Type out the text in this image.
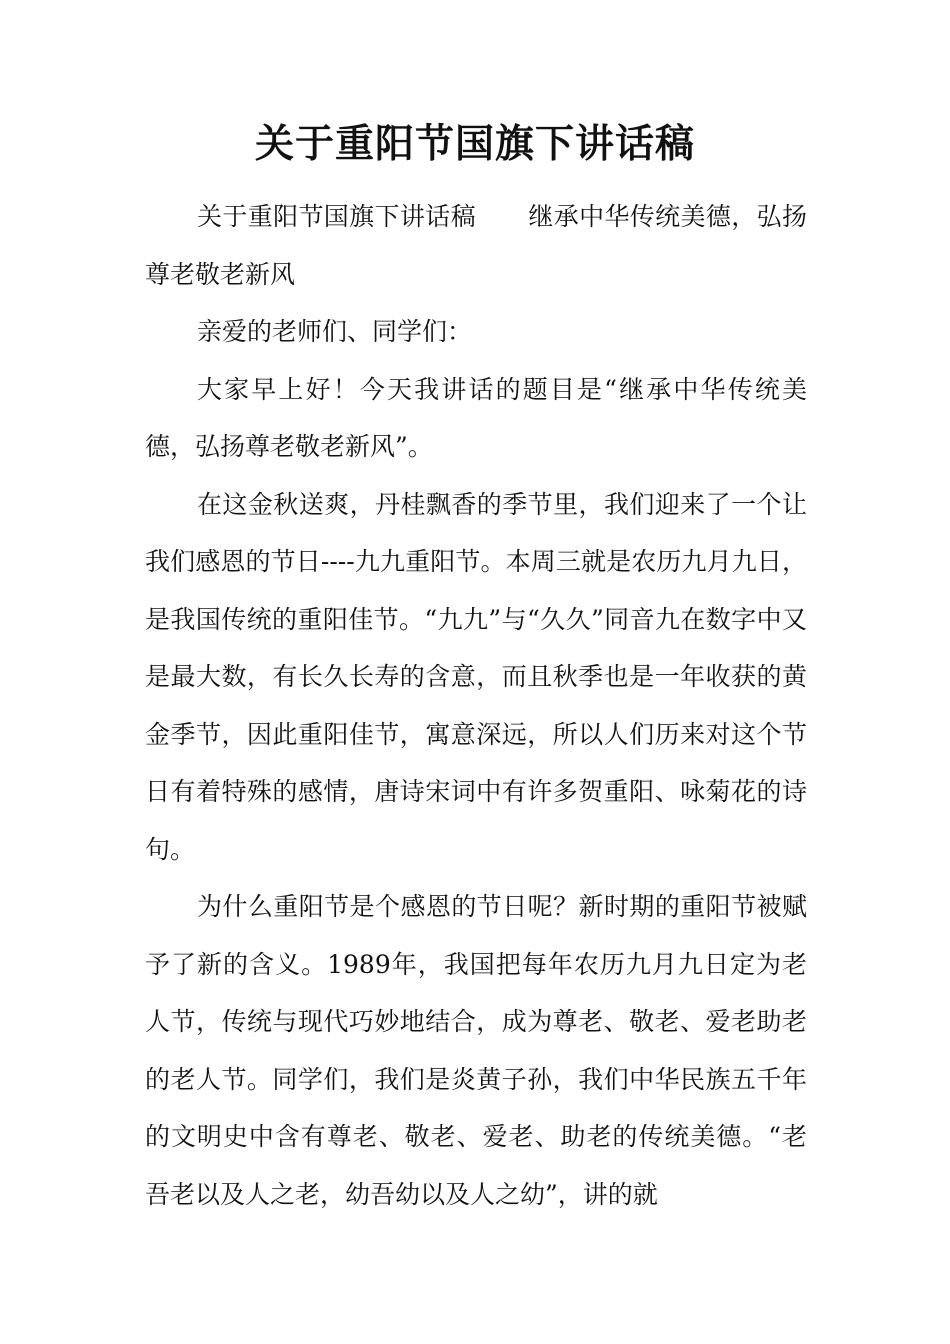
关于重阳节国旗下讲话稿

关于重阳节国旗下讲话稿 继承中华传统美德，弘扬尊老敬老新风

亲爱的老师们、同学们：

大家早上好！今天我讲话的题目是“继承中华传统美德，弘扬尊老敬老新风”。

在这金秋送爽，丹桂飘香的季节里，我们迎来了一个让我们感恩的节日----九九重阳节。本周三就是农历九月九日，是我国传统的重阳佳节。“九九”与“久久”同音九在数字中又是最大数，有长久长寿的含意，而且秋季也是一年收获的黄金季节，因此重阳佳节，寓意深远，所以人们历来对这个节日有着特殊的感情，唐诗宋词中有许多贺重阳、咏菊花的诗句。

为什么重阳节是个感恩的节日呢？新时期的重阳节被赋予了新的含义。1989年，我国把每年农历九月九日定为老人节，传统与现代巧妙地结合，成为尊老、敬老、爱老助老的老人节。同学们，我们是炎黄子孙，我们中华民族五千年的文明史中含有尊老、敬老、爱老、助老的传统美德。“老吾老以及人之老，幼吾幼以及人之幼”，讲的就
